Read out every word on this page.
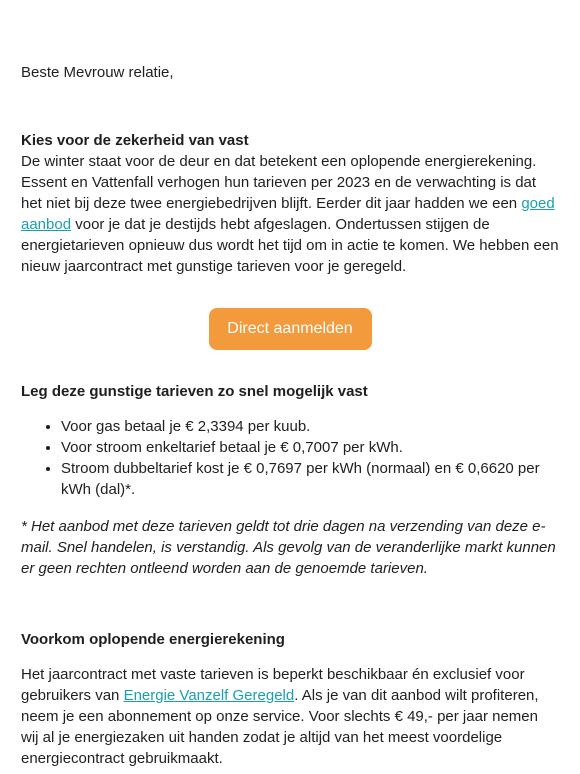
Beste Mevrouw relatie,

Kies voor de zekerheid van vast

De winter staat voor de deur en dat betekent een oplopende energierekening. Essent en Vattenfall verhogen hun tarieven per 2023 en de verwachting is dat het niet bij deze twee energiebedrijven blijft. Eerder dit jaar hadden we een goed aanbod voor je dat je destijds hebt afgeslagen. Ondertussen stijgen de energietarieven opnieuw dus wordt het tijd om in actie te komen. We hebben een nieuw jaarcontract met gunstige tarieven voor je geregeld.

Direct aanmelden

Leg deze gunstige tarieven zo snel mogelijk vast

• Voor gas betaal je € 2,3394 per kuub.
• Voor stroom enkeltarief betaal je € 0,7007 per kWh.
• Stroom dubbeltarief kost je € 0,7697 per kWh (normaal) en € 0,6620 per kWh (dal)*.

* Het aanbod met deze tarieven geldt tot drie dagen na verzending van deze e-mail. Snel handelen, is verstandig. Als gevolg van de veranderlijke markt kunnen er geen rechten ontleend worden aan de genoemde tarieven.

Voorkom oplopende energierekening

Het jaarcontract met vaste tarieven is beperkt beschikbaar én exclusief voor gebruikers van Energie Vanzelf Geregeld. Als je van dit aanbod wilt profiteren, neem je een abonnement op onze service. Voor slechts € 49,- per jaar nemen wij al je energiezaken uit handen zodat je altijd van het meest voordelige energiecontract gebruikmaakt.
